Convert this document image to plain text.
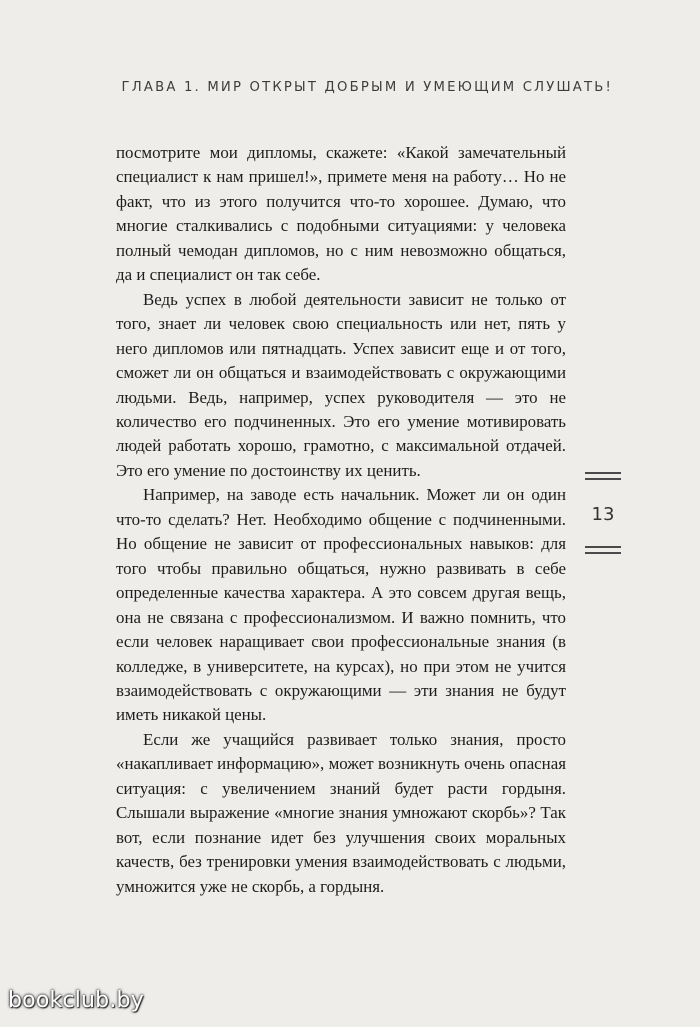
ГЛАВА 1. МИР ОТКРЫТ ДОБРЫМ И УМЕЮЩИМ СЛУШАТЬ!

посмотрите мои дипломы, скажете: «Какой замечательный специалист к нам пришел!», примете меня на работу… Но не факт, что из этого получится что-то хорошее. Думаю, что многие сталкивались с подобными ситуациями: у человека полный чемодан дипломов, но с ним невозможно общаться, да и специалист он так себе.

Ведь успех в любой деятельности зависит не только от того, знает ли человек свою специальность или нет, пять у него дипломов или пятнадцать. Успех зависит еще и от того, сможет ли он общаться и взаимодействовать с окружающими людьми. Ведь, например, успех руководителя — это не количество его подчиненных. Это его умение мотивировать людей работать хорошо, грамотно, с максимальной отдачей. Это его умение по достоинству их ценить.

Например, на заводе есть начальник. Может ли он один что-то сделать? Нет. Необходимо общение с подчиненными. Но общение не зависит от профессиональных навыков: для того чтобы правильно общаться, нужно развивать в себе определенные качества характера. А это совсем другая вещь, она не связана с профессионализмом. И важно помнить, что если человек наращивает свои профессиональные знания (в колледже, в университете, на курсах), но при этом не учится взаимодействовать с окружающими — эти знания не будут иметь никакой цены.

Если же учащийся развивает только знания, просто «накапливает информацию», может возникнуть очень опасная ситуация: с увеличением знаний будет расти гордыня. Слышали выражение «многие знания умножают скорбь»? Так вот, если познание идет без улучшения своих моральных качеств, без тренировки умения взаимодействовать с людьми, умножится уже не скорбь, а гордыня.

13
bookclub.by
